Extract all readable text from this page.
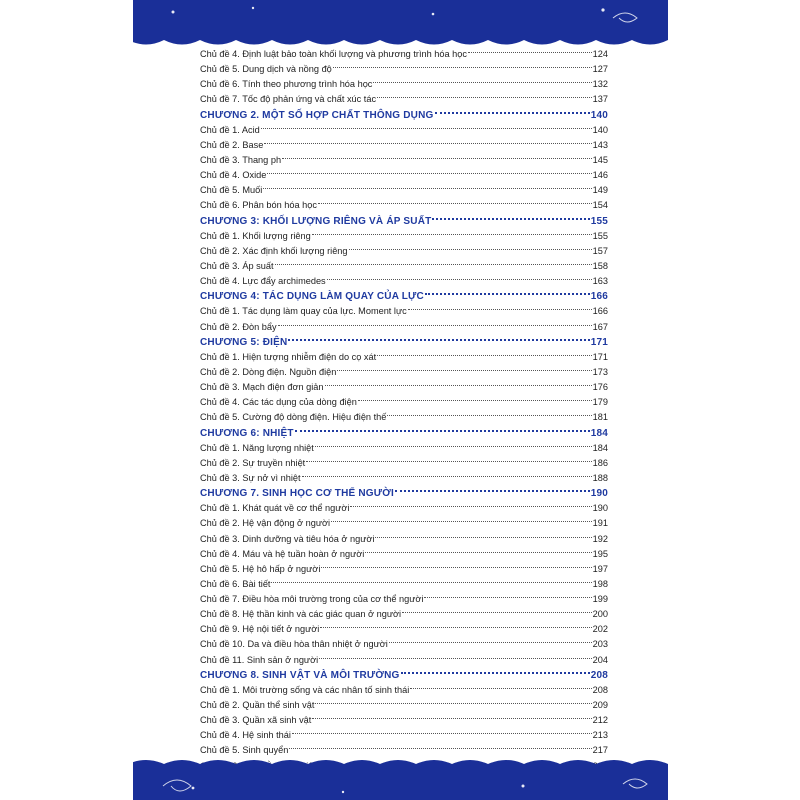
Chủ đề 4. Định luật bảo toàn khối lượng và phương trình hóa học	124
Chủ đề 5. Dung dịch và nồng độ	127
Chủ đề 6. Tính theo phương trình hóa học	132
Chủ đề 7. Tốc độ phản ứng và chất xúc tác	137
CHƯƠNG 2. MỘT SỐ HỢP CHẤT THÔNG DỤNG	140
Chủ đề 1. Acid	140
Chủ đề 2. Base	143
Chủ đề 3. Thang ph	145
Chủ đề 4. Oxide	146
Chủ đề 5. Muối	149
Chủ đề 6. Phân bón hóa học	154
CHƯƠNG 3: KHỐI LƯỢNG RIÊNG VÀ ÁP SUẤT	155
Chủ đề 1. Khối lượng riêng	155
Chủ đề 2. Xác định khối lượng riêng	157
Chủ đề 3. Áp suất	158
Chủ đề 4. Lực đẩy archimedes	163
CHƯƠNG 4: TÁC DỤNG LÀM QUAY CỦA LỰC	166
Chủ đề 1. Tác dụng làm quay của lực. Moment lực	166
Chủ đề 2. Đòn bẩy	167
CHƯƠNG 5: ĐIỆN	171
Chủ đề 1. Hiện tượng nhiễm điện do cọ xát	171
Chủ đề 2. Dòng điện. Nguồn điện	173
Chủ đề 3. Mạch điện đơn giản	176
Chủ đề 4. Các tác dụng của dòng điện	179
Chủ đề 5. Cường độ dòng điện. Hiệu điện thế	181
CHƯƠNG 6: NHIỆT	184
Chủ đề 1. Năng lượng nhiệt	184
Chủ đề 2. Sự truyền nhiệt	186
Chủ đề 3. Sự nở vì nhiệt	188
CHƯƠNG 7. SINH HỌC CƠ THỂ NGƯỜI	190
Chủ đề 1. Khát quát về cơ thể người	190
Chủ đề 2. Hệ vận động ở người	191
Chủ đề 3. Dinh dưỡng và tiêu hóa ở người	192
Chủ đề 4. Máu và hệ tuần hoàn ở người	195
Chủ đề 5. Hệ hô hấp ở người	197
Chủ đề 6. Bài tiết	198
Chủ đề 7. Điều hòa môi trường trong của cơ thể người	199
Chủ đề 8. Hệ thần kinh và các giác quan ở người	200
Chủ đề 9. Hệ nội tiết ở người	202
Chủ đề 10. Da và điều hòa thân nhiệt ở người	203
Chủ đề 11. Sinh sản ở người	204
CHƯƠNG 8. SINH VẬT VÀ MÔI TRƯỜNG	208
Chủ đề 1. Môi trường sống và các nhân tố sinh thái	208
Chủ đề 2. Quần thể sinh vật	209
Chủ đề 3. Quần xã sinh vật	212
Chủ đề 4. Hệ sinh thái	213
Chủ đề 5. Sinh quyển	217
